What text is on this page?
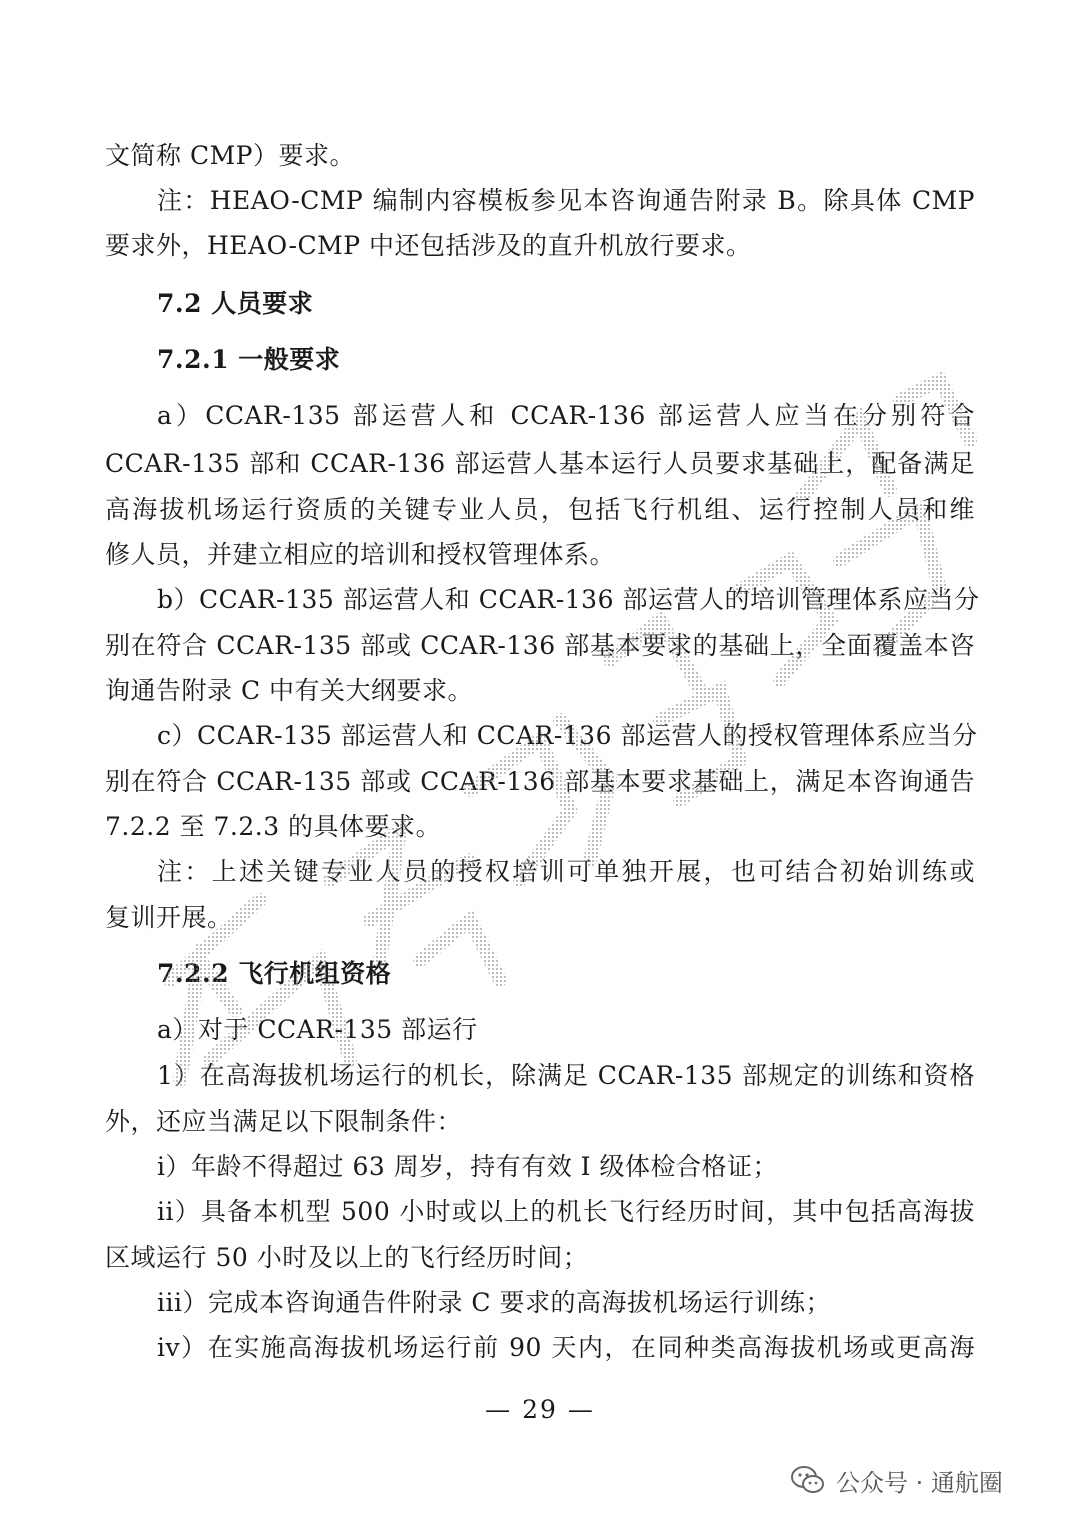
文简称 CMP）要求。
注：HEAO-CMP 编制内容模板参见本咨询通告附录 B。除具体 CMP
要求外，HEAO-CMP 中还包括涉及的直升机放行要求。
7.2 人员要求
7.2.1 一般要求
a）CCAR-135 部运营人和 CCAR-136 部运营人应当在分别符合
CCAR-135 部和 CCAR-136 部运营人基本运行人员要求基础上，配备满足
高海拔机场运行资质的关键专业人员，包括飞行机组、运行控制人员和维
修人员，并建立相应的培训和授权管理体系。
b）CCAR-135 部运营人和 CCAR-136 部运营人的培训管理体系应当分
别在符合 CCAR-135 部或 CCAR-136 部基本要求的基础上，全面覆盖本咨
询通告附录 C 中有关大纲要求。
c）CCAR-135 部运营人和 CCAR-136 部运营人的授权管理体系应当分
别在符合 CCAR-135 部或 CCAR-136 部基本要求基础上，满足本咨询通告
7.2.2 至 7.2.3 的具体要求。
注：上述关键专业人员的授权培训可单独开展，也可结合初始训练或
复训开展。
7.2.2 飞行机组资格
a）对于 CCAR-135 部运行
1）在高海拔机场运行的机长，除满足 CCAR-135 部规定的训练和资格
外，还应当满足以下限制条件：
i）年龄不得超过 63 周岁，持有有效 I 级体检合格证；
ii）具备本机型 500 小时或以上的机长飞行经历时间，其中包括高海拔
区域运行 50 小时及以上的飞行经历时间；
iii）完成本咨询通告件附录 C 要求的高海拔机场运行训练；
iv）在实施高海拔机场运行前 90 天内，在同种类高海拔机场或更高海
— 29 —
公众号 · 通航圈
